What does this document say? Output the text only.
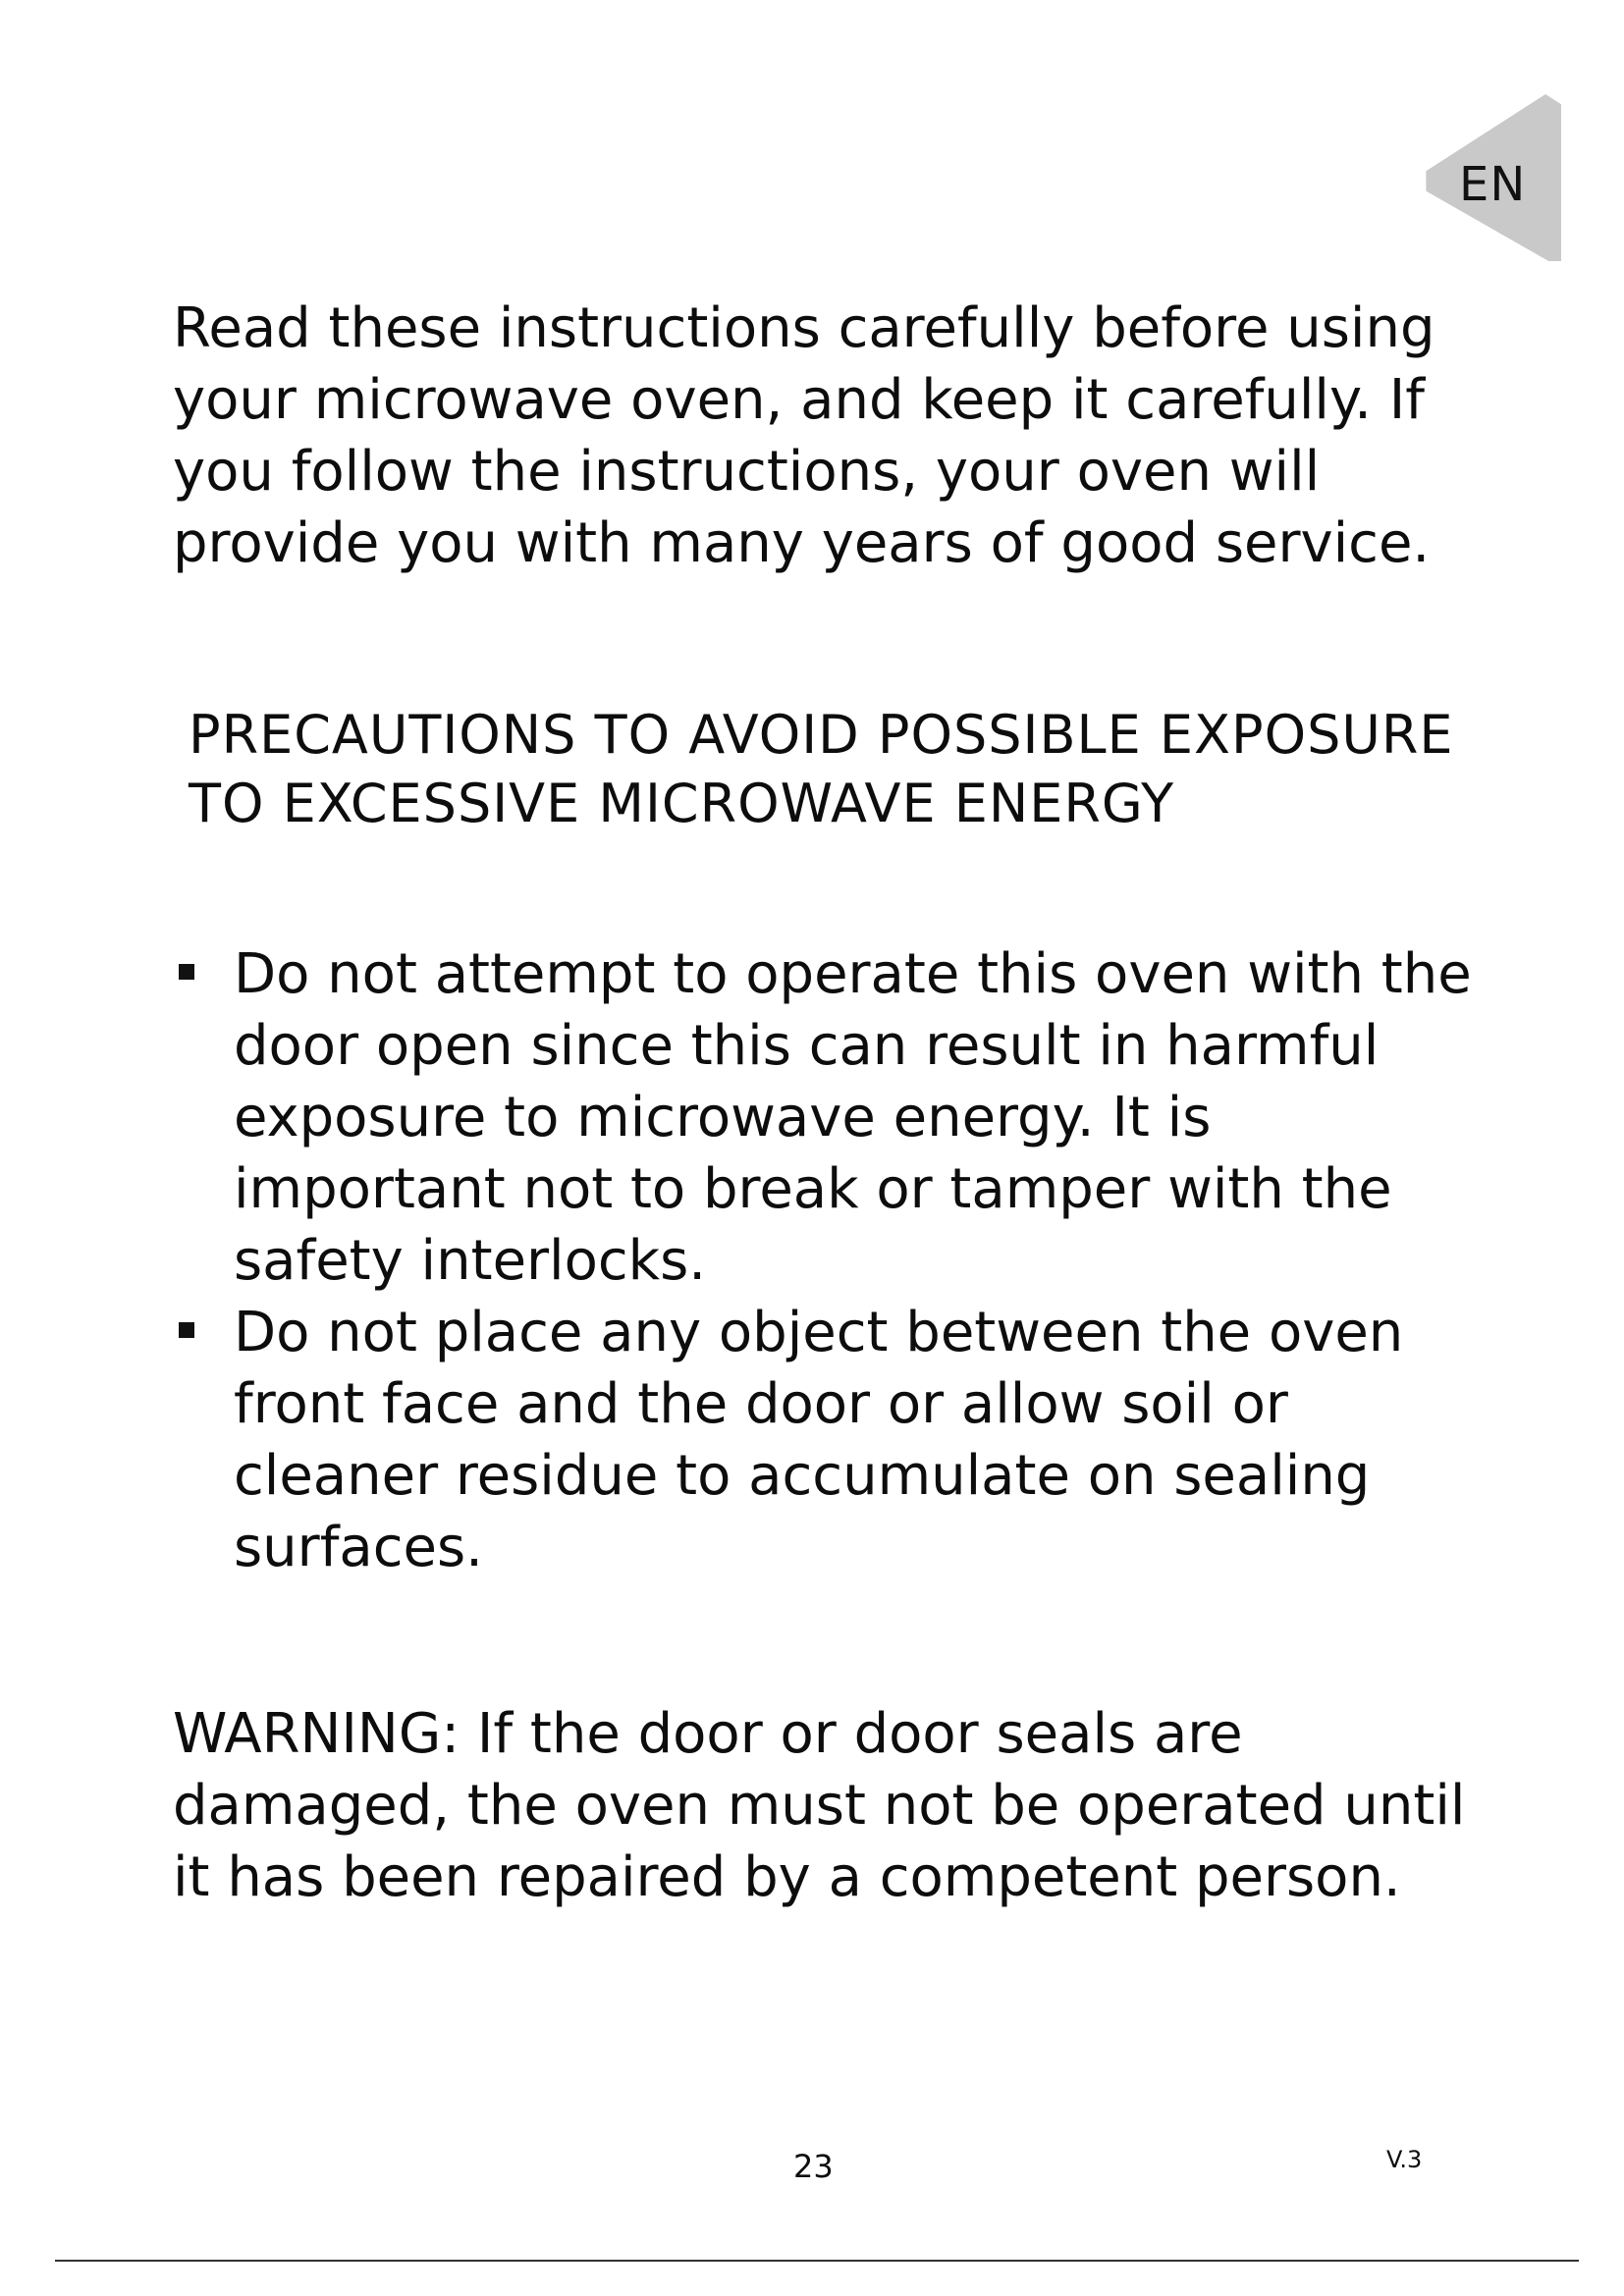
EN

Read these instructions carefully before using your microwave oven, and keep it carefully. If you follow the instructions, your oven will provide you with many years of good service.

PRECAUTIONS TO AVOID POSSIBLE EXPOSURE TO EXCESSIVE MICROWAVE ENERGY
Do not attempt to operate this oven with the door open since this can result in harmful exposure to microwave energy. It is important not to break or tamper with the safety interlocks.
Do not place any object between the oven front face and the door or allow soil or cleaner residue to accumulate on sealing surfaces.

WARNING: If the door or door seals are damaged, the oven must not be operated until it has been repaired by a competent person.

23	V.3
